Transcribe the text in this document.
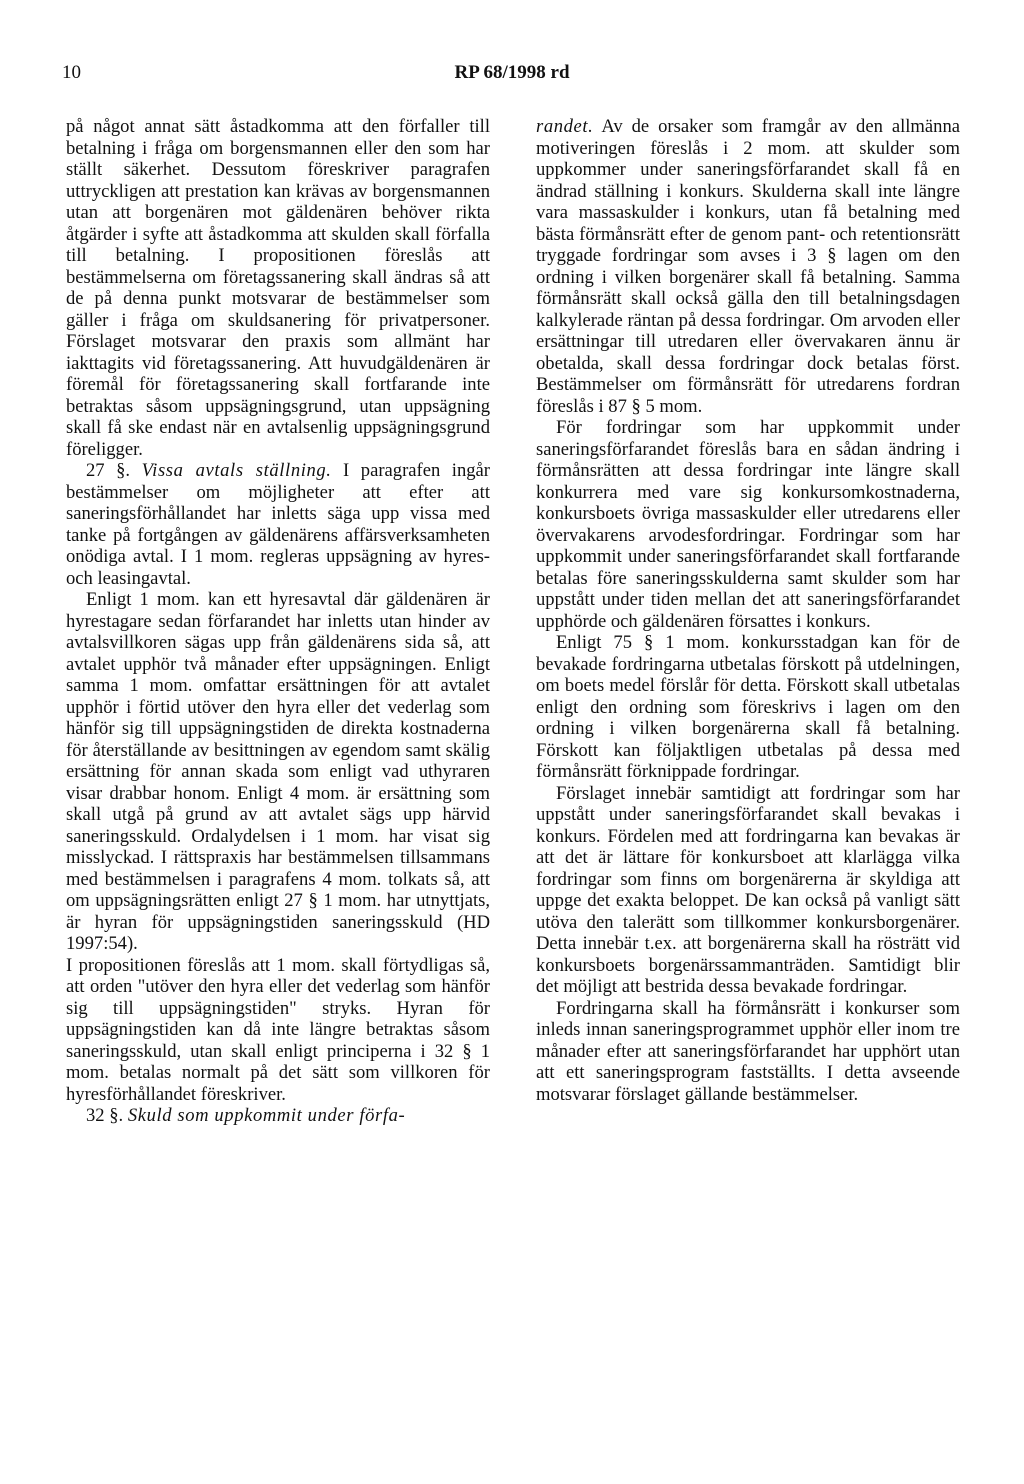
10	RP 68/1998 rd

på något annat sätt åstadkomma att den förfaller till betalning i fråga om borgensmannen eller den som har ställt säkerhet. Dessutom föreskriver paragrafen uttryckligen att prestation kan krävas av borgensmannen utan att borgenären mot gäldenären behöver rikta åtgärder i syfte att åstadkomma att skulden skall förfalla till betalning. I propositionen föreslås att bestämmelserna om företagssanering skall ändras så att de på denna punkt motsvarar de bestämmelser som gäller i fråga om skuldsanering för privatpersoner. Förslaget motsvarar den praxis som allmänt har iakttagits vid företagssanering. Att huvudgäldenären är föremål för företagssanering skall fortfarande inte betraktas såsom uppsägningsgrund, utan uppsägning skall få ske endast när en avtalsenlig uppsägningsgrund föreligger.

27 §. Vissa avtals ställning. I paragrafen ingår bestämmelser om möjligheter att efter att saneringsförhållandet har inletts säga upp vissa med tanke på fortgången av gäldenärens affärsverksamheten onödiga avtal. I 1 mom. regleras uppsägning av hyres- och leasingavtal.

Enligt 1 mom. kan ett hyresavtal där gäldenären är hyrestagare sedan förfarandet har inletts utan hinder av avtalsvillkoren sägas upp från gäldenärens sida så, att avtalet upphör två månader efter uppsägningen. Enligt samma 1 mom. omfattar ersättningen för att avtalet upphör i förtid utöver den hyra eller det vederlag som hänför sig till uppsägningstiden de direkta kostnaderna för återställande av besittningen av egendom samt skälig ersättning för annan skada som enligt vad uthyraren visar drabbar honom. Enligt 4 mom. är ersättning som skall utgå på grund av att avtalet sägs upp härvid saneringsskuld. Ordalydelsen i 1 mom. har visat sig misslyckad. I rättspraxis har bestämmelsen tillsammans med bestämmelsen i paragrafens 4 mom. tolkats så, att om uppsägningsrätten enligt 27 § 1 mom. har utnyttjats, är hyran för uppsägningstiden saneringsskuld (HD 1997:54).

I propositionen föreslås att 1 mom. skall förtydligas så, att orden "utöver den hyra eller det vederlag som hänför sig till uppsägningstiden" stryks. Hyran för uppsägningstiden kan då inte längre betraktas såsom saneringsskuld, utan skall enligt principerna i 32 § 1 mom. betalas normalt på det sätt som villkoren för hyresförhållandet föreskriver.

32 §. Skuld som uppkommit under förfa-

randet. Av de orsaker som framgår av den allmänna motiveringen föreslås i 2 mom. att skulder som uppkommer under saneringsförfarandet skall få en ändrad ställning i konkurs. Skulderna skall inte längre vara massaskulder i konkurs, utan få betalning med bästa förmånsrätt efter de genom pant- och retentionsrätt tryggade fordringar som avses i 3 § lagen om den ordning i vilken borgenärer skall få betalning. Samma förmånsrätt skall också gälla den till betalningsdagen kalkylerade räntan på dessa fordringar. Om arvoden eller ersättningar till utredaren eller övervakaren ännu är obetalda, skall dessa fordringar dock betalas först. Bestämmelser om förmånsrätt för utredarens fordran föreslås i 87 § 5 mom.

För fordringar som har uppkommit under saneringsförfarandet föreslås bara en sådan ändring i förmånsrätten att dessa fordringar inte längre skall konkurrera med vare sig konkursomkostnaderna, konkursboets övriga massaskulder eller utredarens eller övervakarens arvodesfordringar. Fordringar som har uppkommit under saneringsförfarandet skall fortfarande betalas före saneringsskulderna samt skulder som har uppstått under tiden mellan det att saneringsförfarandet upphörde och gäldenären försattes i konkurs.

Enligt 75 § 1 mom. konkursstadgan kan för de bevakade fordringarna utbetalas förskott på utdelningen, om boets medel förslår för detta. Förskott skall utbetalas enligt den ordning som föreskrivs i lagen om den ordning i vilken borgenärerna skall få betalning. Förskott kan följaktligen utbetalas på dessa med förmånsrätt förknippade fordringar.

Förslaget innebär samtidigt att fordringar som har uppstått under saneringsförfarandet skall bevakas i konkurs. Fördelen med att fordringarna kan bevakas är att det är lättare för konkursboet att klarlägga vilka fordringar som finns om borgenärerna är skyldiga att uppge det exakta beloppet. De kan också på vanligt sätt utöva den talerätt som tillkommer konkursborgenärer. Detta innebär t.ex. att borgenärerna skall ha rösträtt vid konkursboets borgenärssammanträden. Samtidigt blir det möjligt att bestrida dessa bevakade fordringar.

Fordringarna skall ha förmånsrätt i konkurser som inleds innan saneringsprogrammet upphör eller inom tre månader efter att saneringsförfarandet har upphört utan att ett saneringsprogram fastställts. I detta avseende motsvarar förslaget gällande bestämmelser.
